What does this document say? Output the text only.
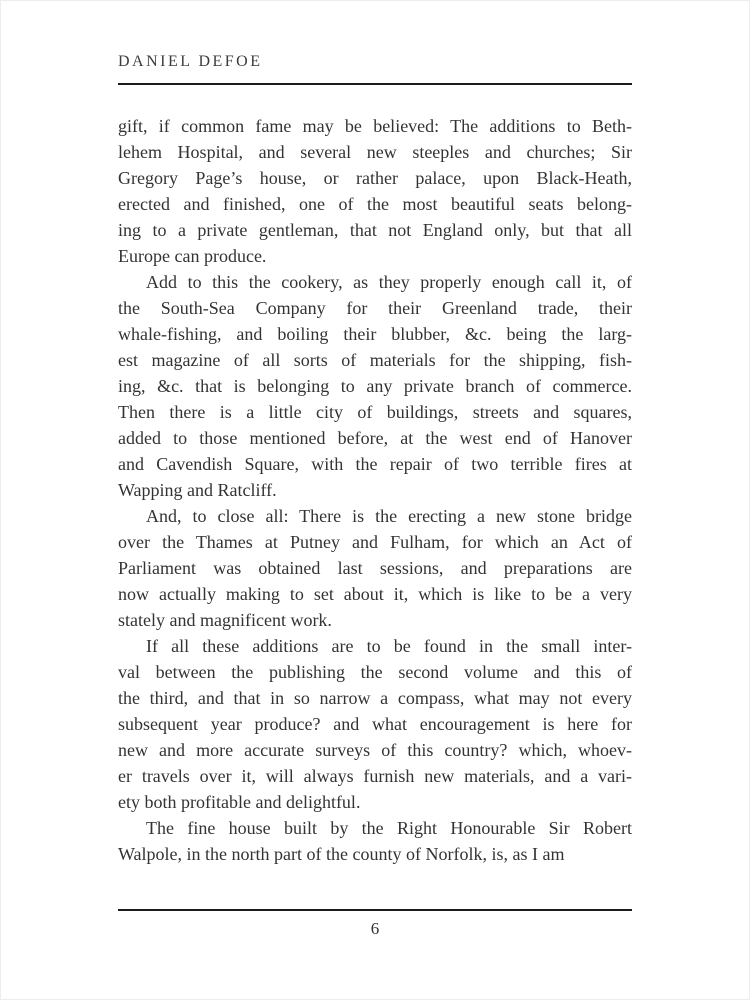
DANIEL DEFOE
gift, if common fame may be believed: The additions to Beth-
lehem Hospital, and several new steeples and churches; Sir
Gregory Page’s house, or rather palace, upon Black-Heath,
erected and finished, one of the most beautiful seats belong-
ing to a private gentleman, that not England only, but that all
Europe can produce.
Add to this the cookery, as they properly enough call it, of
the South-Sea Company for their Greenland trade, their
whale-fishing, and boiling their blubber, &c. being the larg-
est magazine of all sorts of materials for the shipping, fish-
ing, &c. that is belonging to any private branch of commerce.
Then there is a little city of buildings, streets and squares,
added to those mentioned before, at the west end of Hanover
and Cavendish Square, with the repair of two terrible fires at
Wapping and Ratcliff.
And, to close all: There is the erecting a new stone bridge
over the Thames at Putney and Fulham, for which an Act of
Parliament was obtained last sessions, and preparations are
now actually making to set about it, which is like to be a very
stately and magnificent work.
If all these additions are to be found in the small inter-
val between the publishing the second volume and this of
the third, and that in so narrow a compass, what may not every
subsequent year produce? and what encouragement is here for
new and more accurate surveys of this country? which, whoev-
er travels over it, will always furnish new materials, and a vari-
ety both profitable and delightful.
The fine house built by the Right Honourable Sir Robert
Walpole, in the north part of the county of Norfolk, is, as I am
6
